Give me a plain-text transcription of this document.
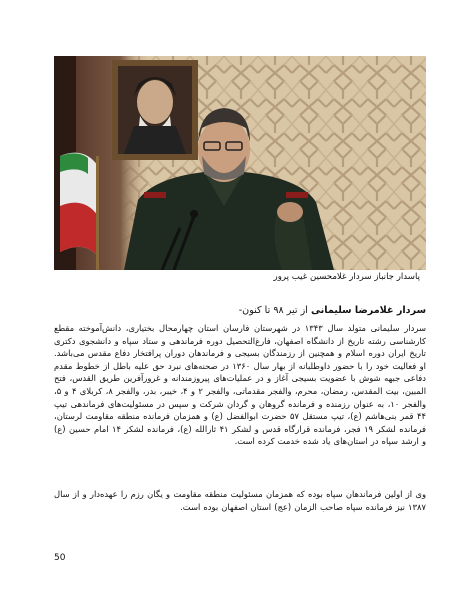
پاسدار جانباز سردار غلامحسین غیب پرور
سردار غلامرضا سلیمانی از تیر ۹۸ تا کنون-
سردار سلیمانی متولد سال ۱۳۴۳ در شهرستان فارسان استان چهارمحال بختیاری، دانش‌آموخته مقطع کارشناسی رشته تاریخ از دانشگاه اصفهان، فارغ‌التحصیل دوره فرماندهی و ستاد سپاه و دانشجوی دکتری تاریخ ایران دوره اسلام و همچنین از رزمندگان بسیجی و فرماندهان دوران پرافتخار دفاع مقدس می‌باشد. او فعالیت خود را با حضور داوطلبانه از بهار سال ۱۳۶۰ در صحنه‌های نبرد حق علیه باطل از خطوط مقدم دفاعی جبهه شوش با عضویت بسیجی آغاز و در عملیات‌های پیروزمندانه و غرورآفرین طریق القدس، فتح المبین، بیت المقدس، رمضان، محرم، والفجر مقدماتی، والفجر ۲ و ۴، خیبر، بدر، والفجر ۸، کربلای ۴ و ۵، والفجر ۱۰، به عنوان رزمنده و فرمانده گروهان و گردان شرکت و سپس در مسئولیت‌های فرماندهی تیپ ۴۴ قمر بنی‌هاشم (ع)، تیپ مستقل ۵۷ حضرت ابوالفضل (ع) و همزمان فرمانده منطقه مقاومت لرستان، فرمانده لشکر ۱۹ فجر، فرمانده قرارگاه قدس و لشکر ۴۱ ثارالله (ع)، فرمانده لشکر ۱۴ امام حسین (ع) و ارشد سپاه در استان‌های یاد شده خدمت کرده است.
وی از اولین فرماندهان سپاه بوده که همزمان مسئولیت منطقه مقاومت و یگان رزم را عهده‌دار و از سال ۱۳۸۷ نیز فرمانده سپاه صاحب الزمان (عج) استان اصفهان بوده است.
50
